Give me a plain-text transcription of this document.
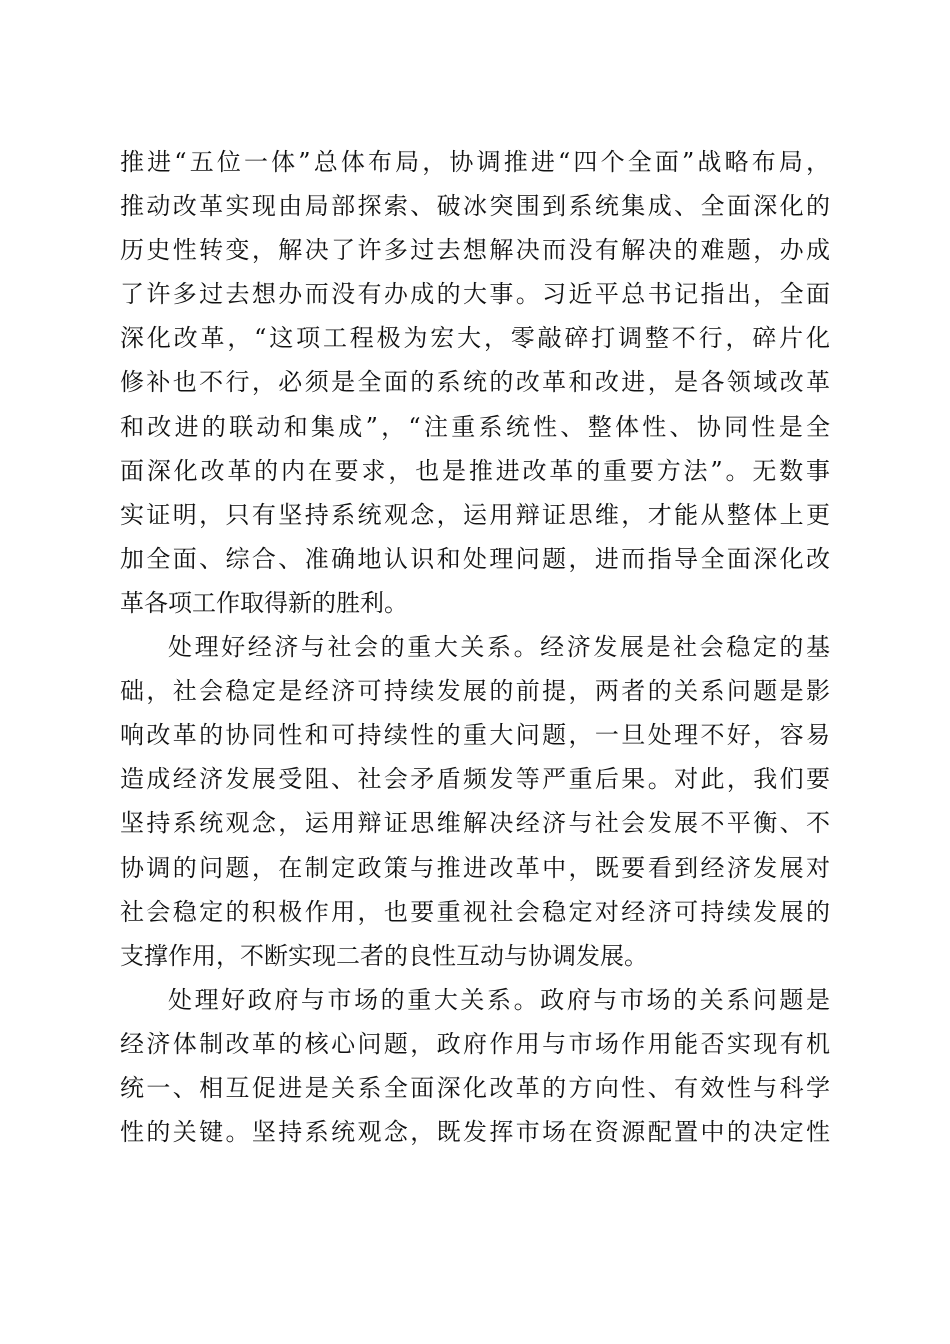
推进“五位一体”总体布局，协调推进“四个全面”战略布局，
推动改革实现由局部探索、破冰突围到系统集成、全面深化的
历史性转变，解决了许多过去想解决而没有解决的难题，办成
了许多过去想办而没有办成的大事。习近平总书记指出，全面
深化改革，“这项工程极为宏大，零敲碎打调整不行，碎片化
修补也不行，必须是全面的系统的改革和改进，是各领域改革
和改进的联动和集成”，“注重系统性、整体性、协同性是全
面深化改革的内在要求，也是推进改革的重要方法”。无数事
实证明，只有坚持系统观念，运用辩证思维，才能从整体上更
加全面、综合、准确地认识和处理问题，进而指导全面深化改
革各项工作取得新的胜利。
处理好经济与社会的重大关系。经济发展是社会稳定的基
础，社会稳定是经济可持续发展的前提，两者的关系问题是影
响改革的协同性和可持续性的重大问题，一旦处理不好，容易
造成经济发展受阻、社会矛盾频发等严重后果。对此，我们要
坚持系统观念，运用辩证思维解决经济与社会发展不平衡、不
协调的问题，在制定政策与推进改革中，既要看到经济发展对
社会稳定的积极作用，也要重视社会稳定对经济可持续发展的
支撑作用，不断实现二者的良性互动与协调发展。
处理好政府与市场的重大关系。政府与市场的关系问题是
经济体制改革的核心问题，政府作用与市场作用能否实现有机
统一、相互促进是关系全面深化改革的方向性、有效性与科学
性的关键。坚持系统观念，既发挥市场在资源配置中的决定性
